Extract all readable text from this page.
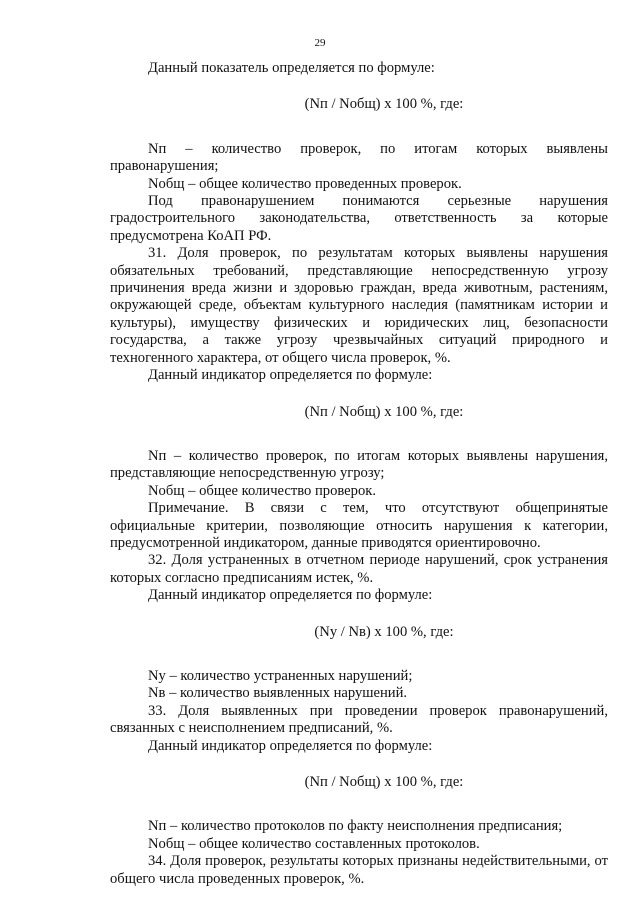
29

Данный показатель определяется по формуле:

(Nп / Nобщ) х 100 %, где:

Nп – количество проверок, по итогам которых выявлены правонарушения;

Nобщ – общее количество проведенных проверок.

Под правонарушением понимаются серьезные нарушения градостроительного законодательства, ответственность за которые предусмотрена КоАП РФ.

31. Доля проверок, по результатам которых выявлены нарушения обязательных требований, представляющие непосредственную угрозу причинения вреда жизни и здоровью граждан, вреда животным, растениям, окружающей среде, объектам культурного наследия (памятникам истории и культуры), имуществу физических и юридических лиц, безопасности государства, а также угрозу чрезвычайных ситуаций природного и техногенного характера, от общего числа проверок, %.

Данный индикатор определяется по формуле:

(Nп / Nобщ) х 100 %, где:

Nп – количество проверок, по итогам которых выявлены нарушения, представляющие непосредственную угрозу;

Nобщ – общее количество проверок.

Примечание. В связи с тем, что отсутствуют общепринятые официальные критерии, позволяющие относить нарушения к категории, предусмотренной индикатором, данные приводятся ориентировочно.

32. Доля устраненных в отчетном периоде нарушений, срок устранения которых согласно предписаниям истек, %.

Данный индикатор определяется по формуле:

(Ny / Nв) х 100 %, где:

Ny – количество устраненных нарушений;

Nв – количество выявленных нарушений.

33. Доля выявленных при проведении проверок правонарушений, связанных с неисполнением предписаний, %.

Данный индикатор определяется по формуле:

(Nп / Nобщ) х 100 %, где:

Nп – количество протоколов по факту неисполнения предписания;

Nобщ – общее количество составленных протоколов.

34. Доля проверок, результаты которых признаны недействительными, от общего числа проведенных проверок, %.
